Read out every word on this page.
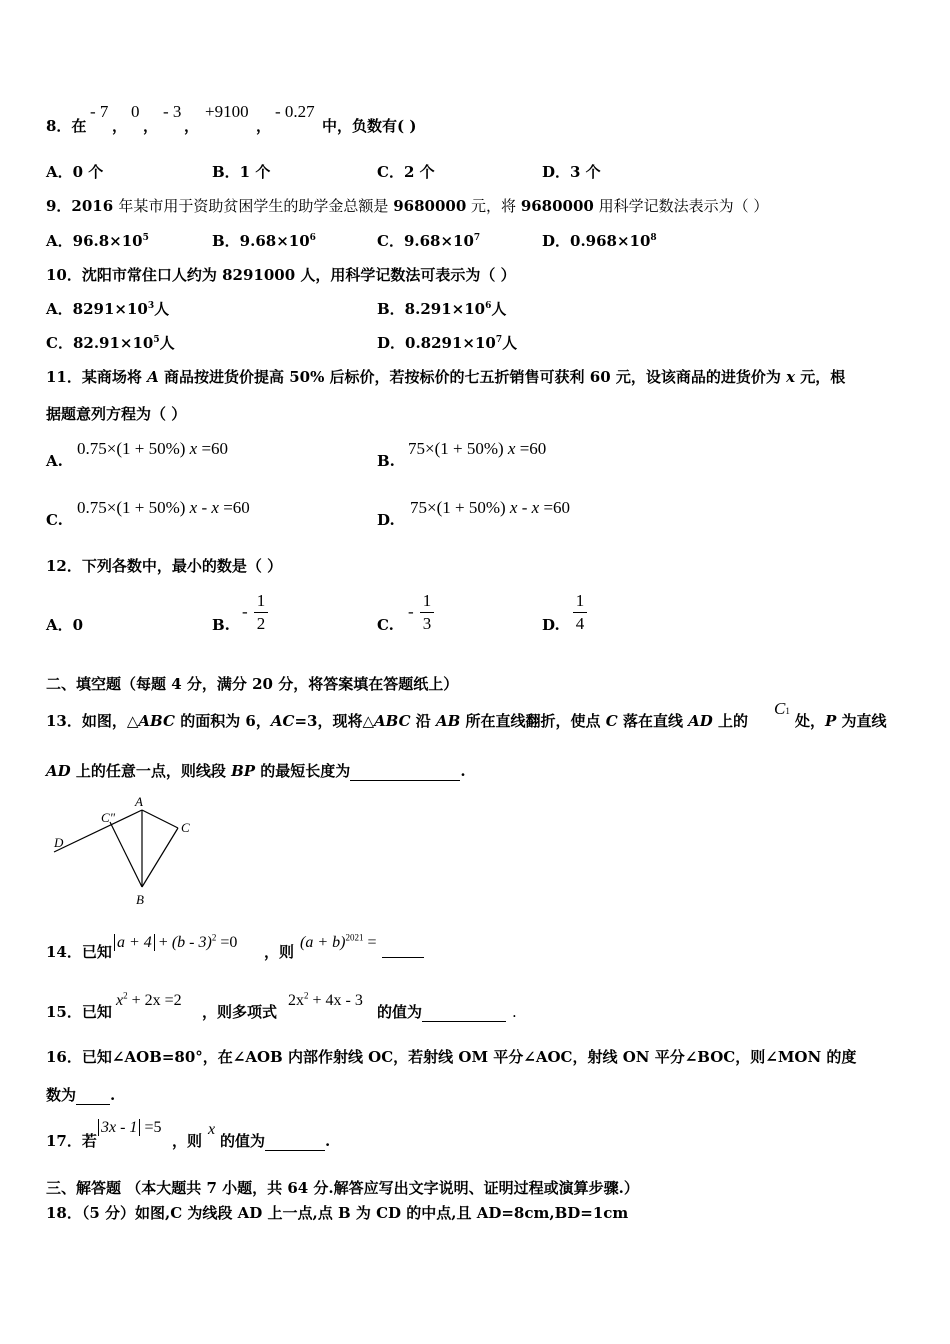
8．在
- 7
，
0
，
- 3
，
+9100
，
- 0.27
中，负数有( )
A．0 个	B．1 个	C．2 个	D．3 个
9．2016 年某市用于资助贫困学生的助学金总额是 9680000 元，将 9680000 用科学记数法表示为（ ）
A．$96.8\times 10^5$	B．$9.68\times 10^6$	C．$9.68\times 10^7$	D．$0.968\times 10^8$
10．沈阳市常住口人约为 8291000 人，用科学记数法可表示为（ ）
A．$8291\times 10^3$人	B．$8.291\times 10^6$人
C．$82.91\times 10^5$人	D．$0.8291\times 10^7$人
11．某商场将 A 商品按进货价提高 50% 后标价，若按标价的七五折销售可获利 60 元，设该商品的进货价为 x 元，根
据题意列方程为（ ）
A.
0.75×(1 + 50%) x =60
B.
75×(1 + 50%) x =60
C.
0.75×(1 + 50%) x - x =60
D.
75×(1 + 50%) x - x =60
12．下列各数中，最小的数是（ ）
A．0	B.
-
1
2	C.
-
1
3	D.
1
4
二、填空题（每题 4 分，满分 20 分，将答案填在答题纸上）
13．如图，△ABC 的面积为 6，AC=3，现将△ABC 沿 AB 所在直线翻折，使点 C 落在直线 AD 上的
C1
处，P 为直线
AD 上的任意一点，则线段 BP 的最短长度为	.
A
C"
C
D
B
14．已知
a + 4 + (b - 3)$^2$ =0
，则
$(a + b)^{2021}$ =
15．已知
$x^2 + 2x =2$
，则多项式
$2x^2 + 4x - 3$
的值为	.
16．已知∠AOB=80°，在∠AOB 内部作射线 OC，若射线 OM 平分∠AOC，射线 ON 平分∠BOC，则∠MON 的度
数为 .
17．若
3x - 1 =5
，则
x
的值为	.
三、解答题 （本大题共 7 小题，共 64 分.解答应写出文字说明、证明过程或演算步骤.）
18．（5 分）如图,C 为线段 AD 上一点,点 B 为 CD 的中点,且 AD=8cm,BD=1cm
